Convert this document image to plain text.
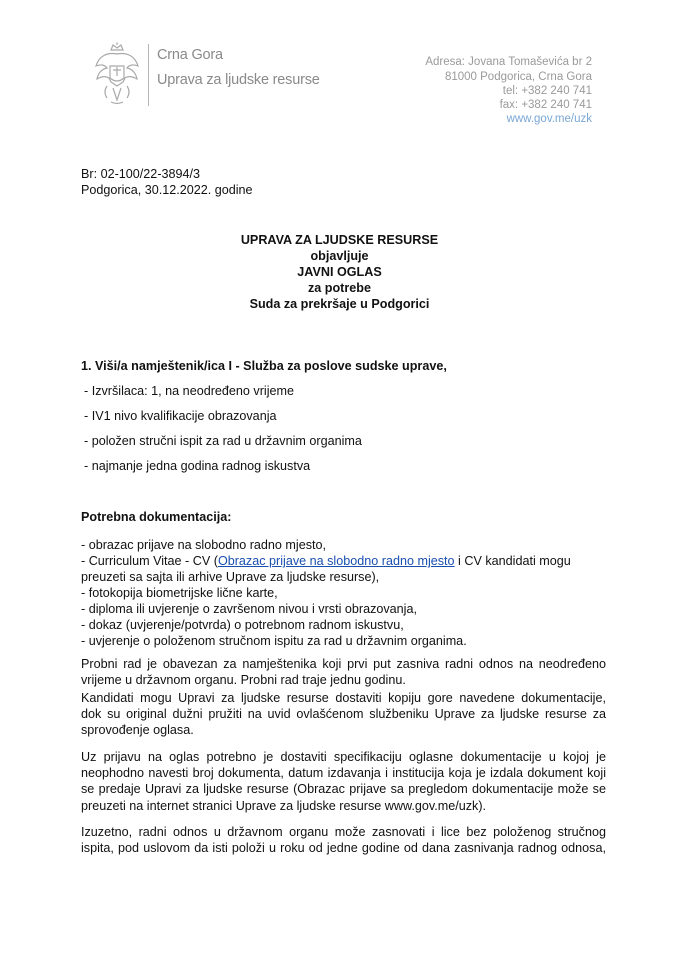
Crna Gora
Uprava za ljudske resurse
Adresa: Jovana Tomaševića br 2
81000 Podgorica, Crna Gora
tel: +382 240 741
fax: +382 240 741
www.gov.me/uzk
Br: 02-100/22-3894/3
Podgorica, 30.12.2022. godine
UPRAVA ZA LJUDSKE RESURSE
objavljuje
JAVNI OGLAS
za potrebe
Suda za prekršaje u Podgorici
1. Viši/a namještenik/ica I - Služba za poslove sudske uprave,
- Izvršilaca: 1, na neodređeno vrijeme
- IV1 nivo kvalifikacije obrazovanja
- položen stručni ispit za rad u državnim organima
- najmanje jedna godina radnog iskustva
Potrebna dokumentacija:
- obrazac prijave na slobodno radno mjesto,
- Curriculum Vitae - CV (Obrazac prijave na slobodno radno mjesto i CV kandidati mogu
preuzeti sa sajta ili arhive Uprave za ljudske resurse),
- fotokopija biometrijske lične karte,
- diploma ili uvjerenje o završenom nivou i vrsti obrazovanja,
- dokaz (uvjerenje/potvrda) o potrebnom radnom iskustvu,
- uvjerenje o položenom stručnom ispitu za rad u državnim organima.
Probni rad je obavezan za namještenika koji prvi put zasniva radni odnos na neodređeno
vrijeme u državnom organu. Probni rad traje jednu godinu.
Kandidati mogu Upravi za ljudske resurse dostaviti kopiju gore navedene dokumentacije,
dok su original dužni pružiti na uvid ovlašćenom službeniku Uprave za ljudske resurse za
sprovođenje oglasa.
Uz prijavu na oglas potrebno je dostaviti specifikaciju oglasne dokumentacije u kojoj je
neophodno navesti broj dokumenta, datum izdavanja i institucija koja je izdala dokument koji
se predaje Upravi za ljudske resurse (Obrazac prijave sa pregledom dokumentacije može se
preuzeti na internet stranici Uprave za ljudske resurse www.gov.me/uzk).
Izuzetno, radni odnos u državnom organu može zasnovati i lice bez položenog stručnog
ispita, pod uslovom da isti položi u roku od jedne godine od dana zasnivanja radnog odnosa,
